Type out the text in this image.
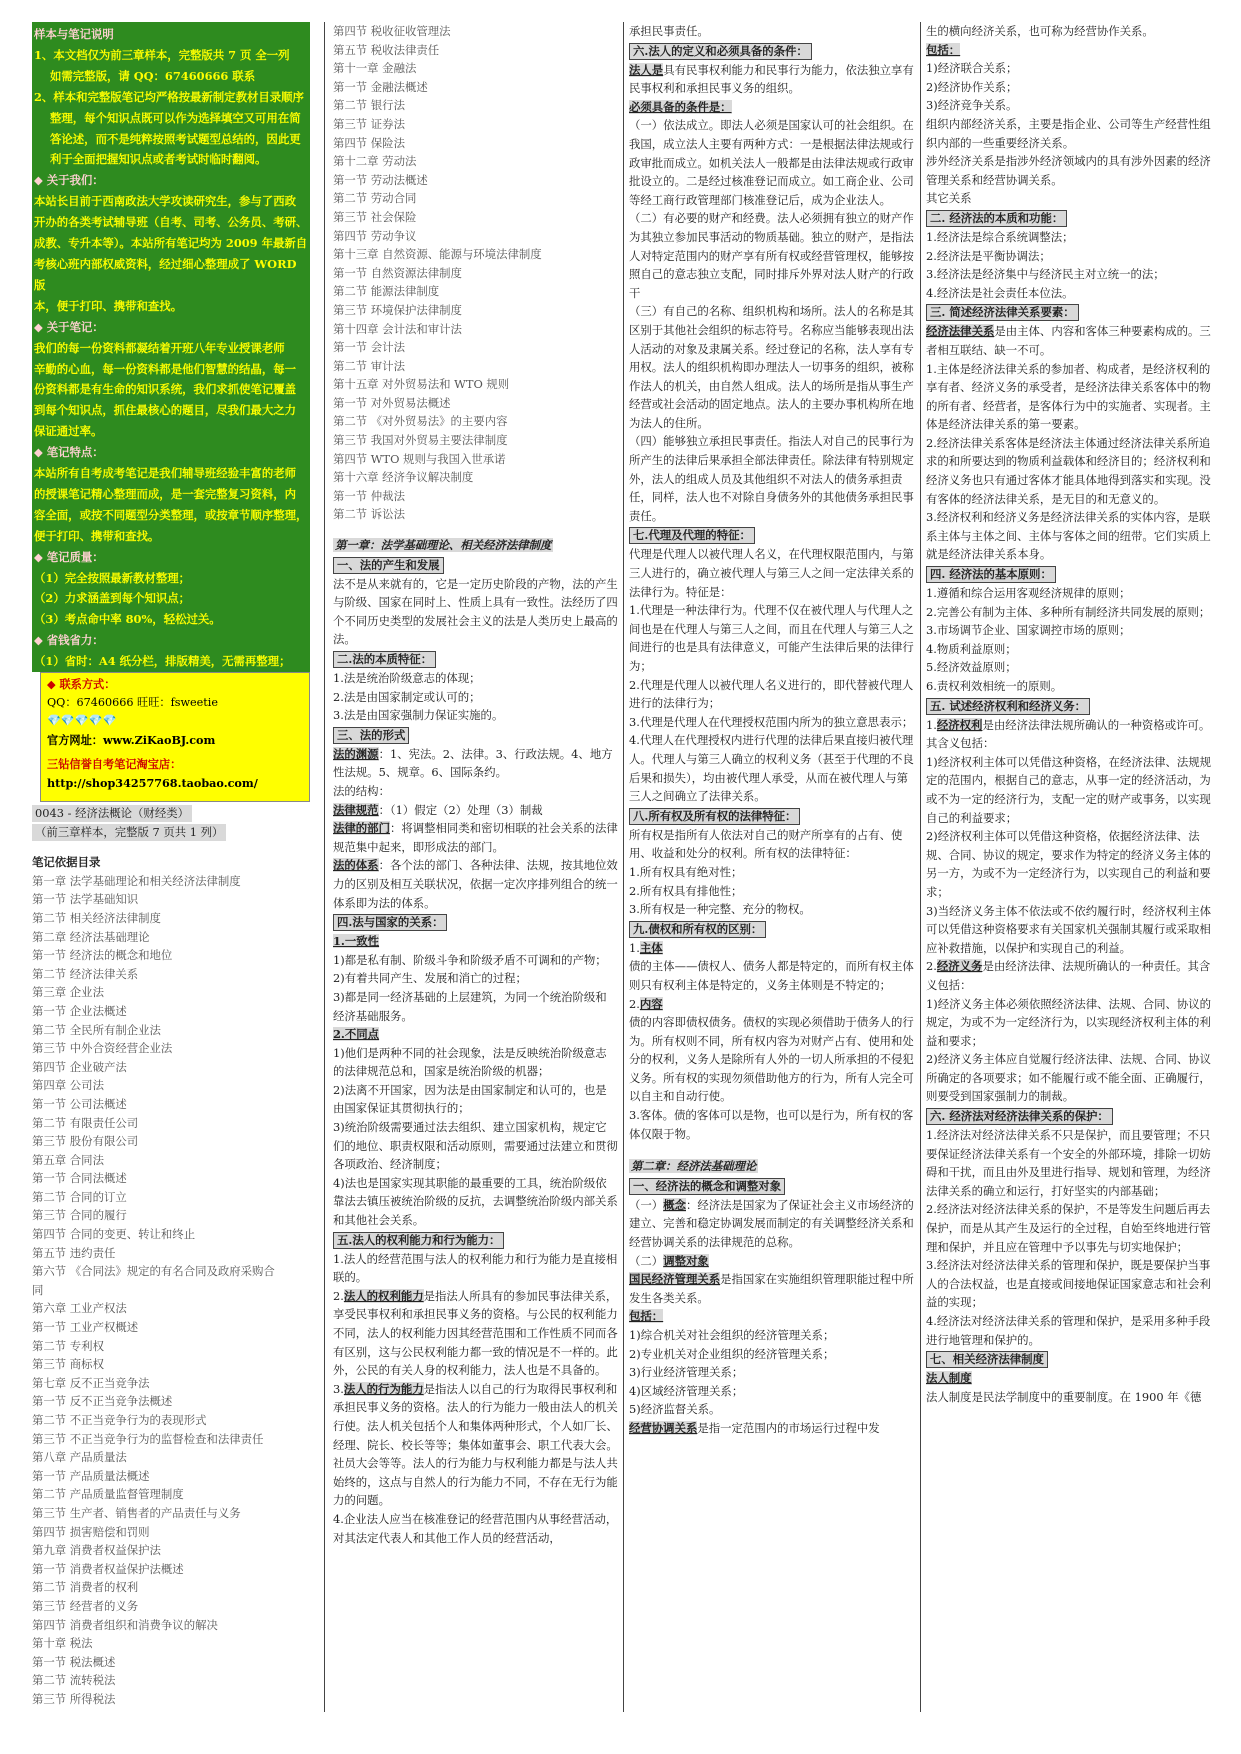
样本与笔记说明

1、本文档仅为前三章样本，完整版共 7 页 全一列

如需完整版，请 QQ：67460666 联系

2、样本和完整版笔记均严格按最新制定教材目录顺序

整理，每个知识点既可以作为选择填空又可用在简

答论述，而不是纯粹按照考试题型总结的，因此更

利于全面把握知识点或者考试时临时翻阅。

◆ 关于我们：

本站长目前于西南政法大学攻读研究生，参与了西政

开办的各类考试辅导班（自考、司考、公务员、考研、

成教、专升本等）。本站所有笔记均为 2009 年最新自

考核心班内部权威资料，经过细心整理成了 WORD 版

本，便于打印、携带和查找。

◆ 关于笔记：

我们的每一份资料都凝结着开班八年专业授课老师

辛勤的心血，每一份资料都是他们智慧的结晶，每一

份资料都是有生命的知识系统，我们求抓使笔记覆盖

到每个知识点，抓住最核心的题目，尽我们最大之力

保证通过率。

◆ 笔记特点：

本站所有自考成考笔记是我们辅导班经验丰富的老师

的授课笔记精心整理而成，是一套完整复习资料，内

容全面，或按不同题型分类整理，或按章节顺序整理，

便于打印、携带和查找。

◆ 笔记质量：

（1）完全按照最新教材整理；

（2）力求涵盖到每个知识点；

（3）考点命中率 80%，轻松过关。

◆ 省钱省力：

（1）省时：A4 纸分栏，排版精美，无需再整理；

◆ 联系方式：

QQ：67460666 旺旺：fsweetie

💎💎💎💎💎

官方网址：www.ZiKaoBJ.com

三钻信誉自考笔记淘宝店：

http://shop34257768.taobao.com/

0043 - 经济法概论（财经类）

（前三章样本，完整版 7 页共 1 列）

笔记依据目录

第一章 法学基础理论和相关经济法律制度

第一节 法学基础知识

第二节 相关经济法律制度

第二章 经济法基础理论

第一节 经济法的概念和地位

第二节 经济法律关系

第三章 企业法

第一节 企业法概述

第二节 全民所有制企业法

第三节 中外合资经营企业法

第四节 企业破产法

第四章 公司法

第一节 公司法概述

第二节 有限责任公司

第三节 股份有限公司

第五章 合同法

第一节 合同法概述

第二节 合同的订立

第三节 合同的履行

第四节 合同的变更、转让和终止

第五节 违约责任

第六节 《合同法》规定的有名合同及政府采购合

同

第六章 工业产权法

第一节 工业产权概述

第二节 专利权

第三节 商标权

第七章 反不正当竞争法

第一节 反不正当竞争法概述

第二节 不正当竞争行为的表现形式

第三节 不正当竞争行为的监督检查和法律责任

第八章 产品质量法

第一节 产品质量法概述

第二节 产品质量监督管理制度

第三节 生产者、销售者的产品责任与义务

第四节 损害赔偿和罚则

第九章 消费者权益保护法

第一节 消费者权益保护法概述

第二节 消费者的权利

第三节 经营者的义务

第四节 消费者组织和消费争议的解决

第十章 税法

第一节 税法概述

第二节 流转税法

第三节 所得税法

第四节 税收征收管理法

第五节 税收法律责任

第十一章 金融法

第一节 金融法概述

第二节 银行法

第三节 证券法

第四节 保险法

第十二章 劳动法

第一节 劳动法概述

第二节 劳动合同

第三节 社会保险

第四节 劳动争议

第十三章 自然资源、能源与环境法律制度

第一节 自然资源法律制度

第二节 能源法律制度

第三节 环境保护法律制度

第十四章 会计法和审计法

第一节 会计法

第二节 审计法

第十五章 对外贸易法和 WTO 规则

第一节 对外贸易法概述

第二节 《对外贸易法》的主要内容

第三节 我国对外贸易主要法律制度

第四节 WTO 规则与我国入世承诺

第十六章 经济争议解决制度

第一节 仲裁法

第二节 诉讼法

第一章：法学基础理论、相关经济法律制度

一、法的产生和发展

法不是从来就有的，它是一定历史阶段的产物，法的产生与阶级、国家在同时上、性质上具有一致性。法经历了四个不同历史类型的发展社会主义的法是人类历史上最高的法。

二.法的本质特征：

1.法是统治阶级意志的体现；

2.法是由国家制定或认可的；

3.法是由国家强制力保证实施的。

三、法的形式

法的渊源：1、宪法。2、法律。3、行政法规。4、地方性法规。5、规章。6、国际条约。

法的结构：

法律规范：（1）假定（2）处理（3）制裁

法律的部门：将调整相同类和密切相联的社会关系的法律规范集中起来，即形成法的部门。

法的体系：各个法的部门、各种法律、法规，按其地位效力的区别及相互关联状况，依据一定次序排列组合的统一体系即为法的体系。

四.法与国家的关系：

1.一致性

1)都是私有制、阶级斗争和阶级矛盾不可调和的产物；

2)有着共同产生、发展和消亡的过程；

3)都是同一经济基础的上层建筑，为同一个统治阶级和经济基础服务。

2.不同点

1)他们是两种不同的社会现象，法是反映统治阶级意志的法律规范总和，国家是统治阶级的机器；

2)法离不开国家，因为法是由国家制定和认可的，也是由国家保证其贯彻执行的；

3)统治阶级需要通过法去组织、建立国家机构，规定它们的地位、职责权限和活动原则，需要通过法建立和贯彻各项政治、经济制度；

4)法也是国家实现其职能的最重要的工具，统治阶级依靠法去镇压被统治阶级的反抗，去调整统治阶级内部关系和其他社会关系。

五.法人的权利能力和行为能力：

1.法人的经营范围与法人的权利能力和行为能力是直接相联的。

2.法人的权利能力是指法人所具有的参加民事法律关系，享受民事权利和承担民事义务的资格。与公民的权利能力不同，法人的权利能力因其经营范围和工作性质不同而各有区别，这与公民权利能力都一致的情况是不一样的。此外，公民的有关人身的权利能力，法人也是不具备的。

3.法人的行为能力是指法人以自己的行为取得民事权利和承担民事义务的资格。法人的行为能力一般由法人的机关行使。法人机关包括个人和集体两种形式，个人如厂长、经理、院长、校长等等；集体如董事会、职工代表大会。社员大会等等。法人的行为能力与权利能力都是与法人共始终的，这点与自然人的行为能力不同，不存在无行为能力的问题。

4.企业法人应当在核准登记的经营范围内从事经营活动，对其法定代表人和其他工作人员的经营活动，

承担民事责任。

六.法人的定义和必须具备的条件：

法人是具有民事权利能力和民事行为能力，依法独立享有民事权利和承担民事义务的组织。

必须具备的条件是：

（一）依法成立。即法人必须是国家认可的社会组织。在我国，成立法人主要有两种方式：一是根据法律法规或行政审批而成立。如机关法人一般都是由法律法规或行政审批设立的。二是经过核准登记而成立。如工商企业、公司等经工商行政管理部门核准登记后，成为企业法人。

（二）有必要的财产和经费。法人必须拥有独立的财产作为其独立参加民事活动的物质基础。独立的财产，是指法人对特定范围内的财产享有所有权或经营管理权，能够按照自己的意志独立支配，同时排斥外界对法人财产的行政干

（三）有自己的名称、组织机构和场所。法人的名称是其区别于其他社会组织的标志符号。名称应当能够表现出法人活动的对象及隶属关系。经过登记的名称，法人享有专用权。法人的组织机构即办理法人一切事务的组织，被称作法人的机关，由自然人组成。法人的场所是指从事生产经营或社会活动的固定地点。法人的主要办事机构所在地为法人的住所。

（四）能够独立承担民事责任。指法人对自己的民事行为所产生的法律后果承担全部法律责任。除法律有特别规定外，法人的组成人员及其他组织不对法人的债务承担责任，同样，法人也不对除自身债务外的其他债务承担民事责任。

七.代理及代理的特征：

代理是代理人以被代理人名义，在代理权限范围内，与第三人进行的，确立被代理人与第三人之间一定法律关系的法律行为。特征是：

1.代理是一种法律行为。代理不仅在被代理人与代理人之间也是在代理人与第三人之间，而且在代理人与第三人之间进行的也是具有法律意义，可能产生法律后果的法律行为；

2.代理是代理人以被代理人名义进行的，即代替被代理人进行的法律行为；

3.代理是代理人在代理授权范围内所为的独立意思表示；

4.代理人在代理授权内进行代理的法律后果直接归被代理人。代理人与第三人确立的权利义务（甚至于代理的不良后果和损失），均由被代理人承受，从而在被代理人与第三人之间确立了法律关系。

八.所有权及所有权的法律特征：

所有权是指所有人依法对自己的财产所享有的占有、使用、收益和处分的权利。所有权的法律特征：

1.所有权具有绝对性；

2.所有权具有排他性；

3.所有权是一种完整、充分的物权。

九.债权和所有权的区别：

1.主体

债的主体——债权人、债务人都是特定的，而所有权主体则只有权利主体是特定的，义务主体则是不特定的；

2.内容

债的内容即债权债务。债权的实现必须借助于债务人的行为。所有权则不同，所有权内容为对财产占有、使用和处分的权利，义务人是除所有人外的一切人所承担的不侵犯义务。所有权的实现勿须借助他方的行为，所有人完全可以自主和自动行使。

3.客体。债的客体可以是物，也可以是行为，所有权的客体仅限于物。

第二章：经济法基础理论

一、经济法的概念和调整对象

（一）概念：经济法是国家为了保证社会主义市场经济的建立、完善和稳定协调发展而制定的有关调整经济关系和经营协调关系的法律规范的总称。

（二）调整对象

国民经济管理关系是指国家在实施组织管理职能过程中所发生各类关系。

包括：

1)综合机关对社会组织的经济管理关系；

2)专业机关对企业组织的经济管理关系；

3)行业经济管理关系；

4)区域经济管理关系；

5)经济监督关系。

经营协调关系是指一定范围内的市场运行过程中发

生的横向经济关系，也可称为经营协作关系。

包括：

1)经济联合关系；

2)经济协作关系；

3)经济竞争关系。

组织内部经济关系，主要是指企业、公司等生产经营性组织内部的一些重要经济关系。

涉外经济关系是指涉外经济领域内的具有涉外因素的经济管理关系和经营协调关系。

其它关系

二. 经济法的本质和功能：

1.经济法是综合系统调整法；

2.经济法是平衡协调法；

3.经济法是经济集中与经济民主对立统一的法；

4.经济法是社会责任本位法。

三. 简述经济法律关系要素：

经济法律关系是由主体、内容和客体三种要素构成的。三者相互联结、缺一不可。

1.主体是经济法律关系的参加者、构成者，是经济权利的享有者、经济义务的承受者，是经济法律关系客体中的物的所有者、经营者，是客体行为中的实施者、实现者。主体是经济法律关系的第一要素。

2.经济法律关系客体是经济法主体通过经济法律关系所追求的和所要达到的物质利益载体和经济目的；经济权利和经济义务也只有通过客体才能具体地得到落实和实现。没有客体的经济法律关系，是无目的和无意义的。

3.经济权利和经济义务是经济法律关系的实体内容，是联系主体与主体之间、主体与客体之间的纽带。它们实质上就是经济法律关系本身。

四. 经济法的基本原则：

1.遵循和综合运用客观经济规律的原则；

2.完善公有制为主体、多种所有制经济共同发展的原则；

3.市场调节企业、国家调控市场的原则；

4.物质利益原则；

5.经济效益原则；

6.责权利效相统一的原则。

五. 试述经济权利和经济义务：

1.经济权利是由经济法律法规所确认的一种资格或许可。其含义包括：

1)经济权利主体可以凭借这种资格，在经济法律、法规规定的范围内，根据自己的意志，从事一定的经济活动，为或不为一定的经济行为，支配一定的财产或事务，以实现自己的利益要求；

2)经济权利主体可以凭借这种资格，依据经济法律、法规、合同、协议的规定，要求作为特定的经济义务主体的另一方，为或不为一定经济行为，以实现自己的利益和要求；

3)当经济义务主体不依法或不依约履行时，经济权利主体可以凭借这种资格要求有关国家机关强制其履行或采取相应补救措施，以保护和实现自己的利益。

2.经济义务是由经济法律、法规所确认的一种责任。其含义包括：

1)经济义务主体必须依照经济法律、法规、合同、协议的规定，为或不为一定经济行为，以实现经济权利主体的利益和要求；

2)经济义务主体应自觉履行经济法律、法规、合同、协议所确定的各项要求；如不能履行或不能全面、正确履行，则要受到国家强制力的制裁。

六. 经济法对经济法律关系的保护：

1.经济法对经济法律关系不只是保护，而且要管理；不只要保证经济法律关系有一个安全的外部环境，排除一切妨碍和干扰，而且由外及里进行指导、规划和管理，为经济法律关系的确立和运行，打好坚实的内部基础；

2.经济法对经济法律关系的保护，不是等发生问题后再去保护，而是从其产生及运行的全过程，自始至终地进行管理和保护，并且应在管理中予以事先与切实地保护；

3.经济法对经济法律关系的管理和保护，既是要保护当事人的合法权益，也是直接或间接地保证国家意志和社会利益的实现；

4.经济法对经济法律关系的管理和保护，是采用多种手段进行地管理和保护的。

七、相关经济法律制度

法人制度

法人制度是民法学制度中的重要制度。在 1900 年《德
